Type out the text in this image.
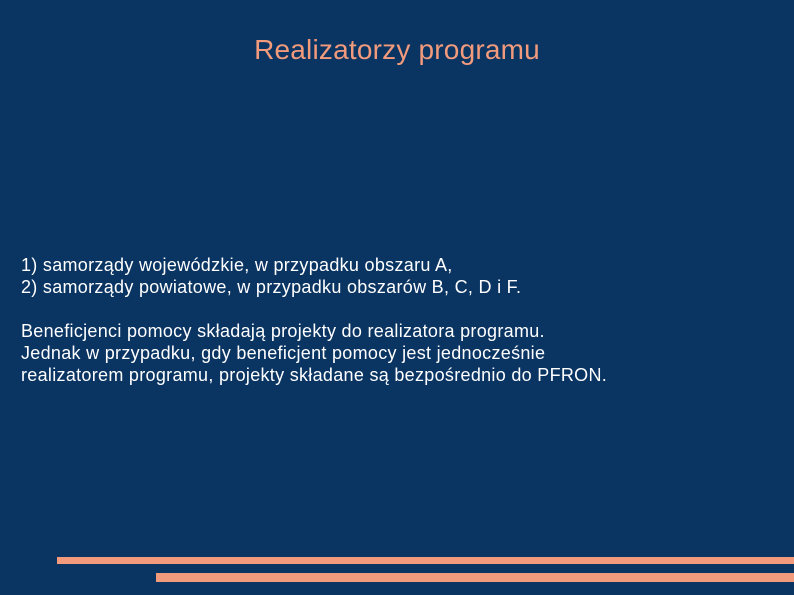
Realizatorzy programu

1) samorządy wojewódzkie, w przypadku obszaru A,

2) samorządy powiatowe, w przypadku obszarów B, C, D i F.

Beneficjenci pomocy składają projekty do realizatora programu.

Jednak w przypadku, gdy beneficjent pomocy jest jednocześnie

realizatorem programu, projekty składane są bezpośrednio do PFRON.
